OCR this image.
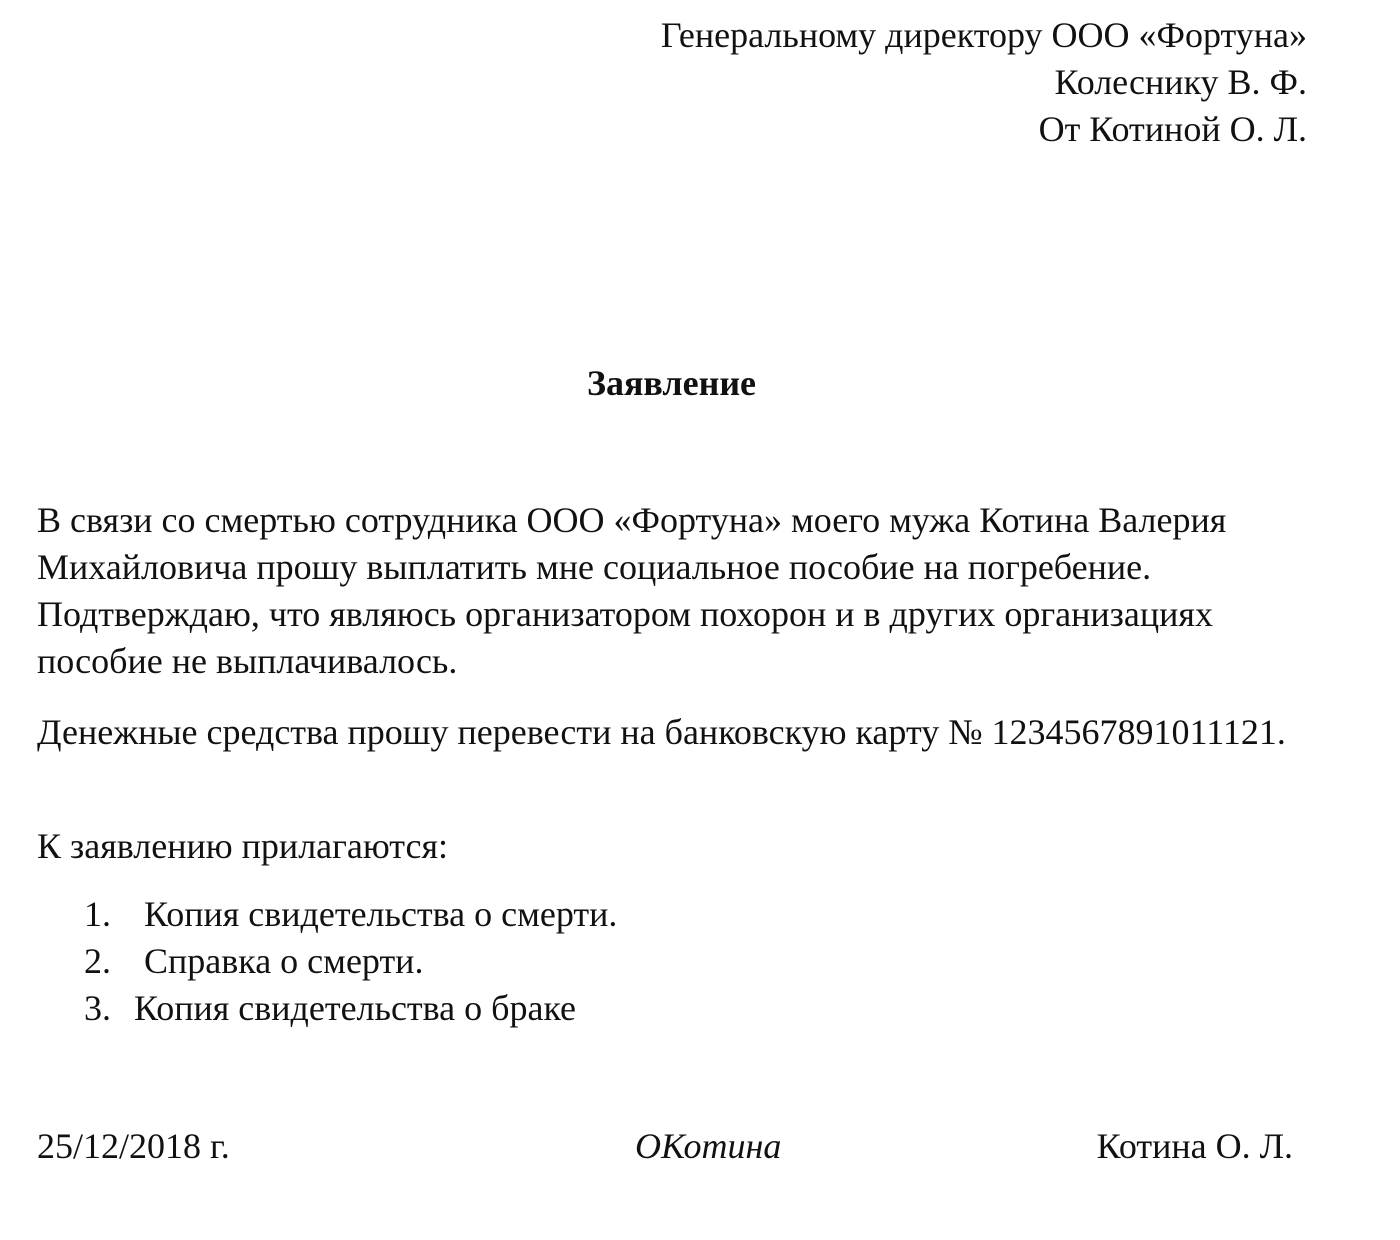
Генеральному директору ООО «Фортуна»
Колеснику В. Ф.
От Котиной О. Л.
Заявление
В связи со смертью сотрудника ООО «Фортуна» моего мужа Котина Валерия Михайловича прошу выплатить мне социальное пособие на погребение. Подтверждаю, что являюсь организатором похорон и в других организациях пособие не выплачивалось.
Денежные средства прошу перевести на банковскую карту № 1234567891011121.
К заявлению прилагаются:
1. Копия свидетельства о смерти.
2. Справка о смерти.
3. Копия свидетельства о браке
25/12/2018 г.	ОКотина	Котина О. Л.
